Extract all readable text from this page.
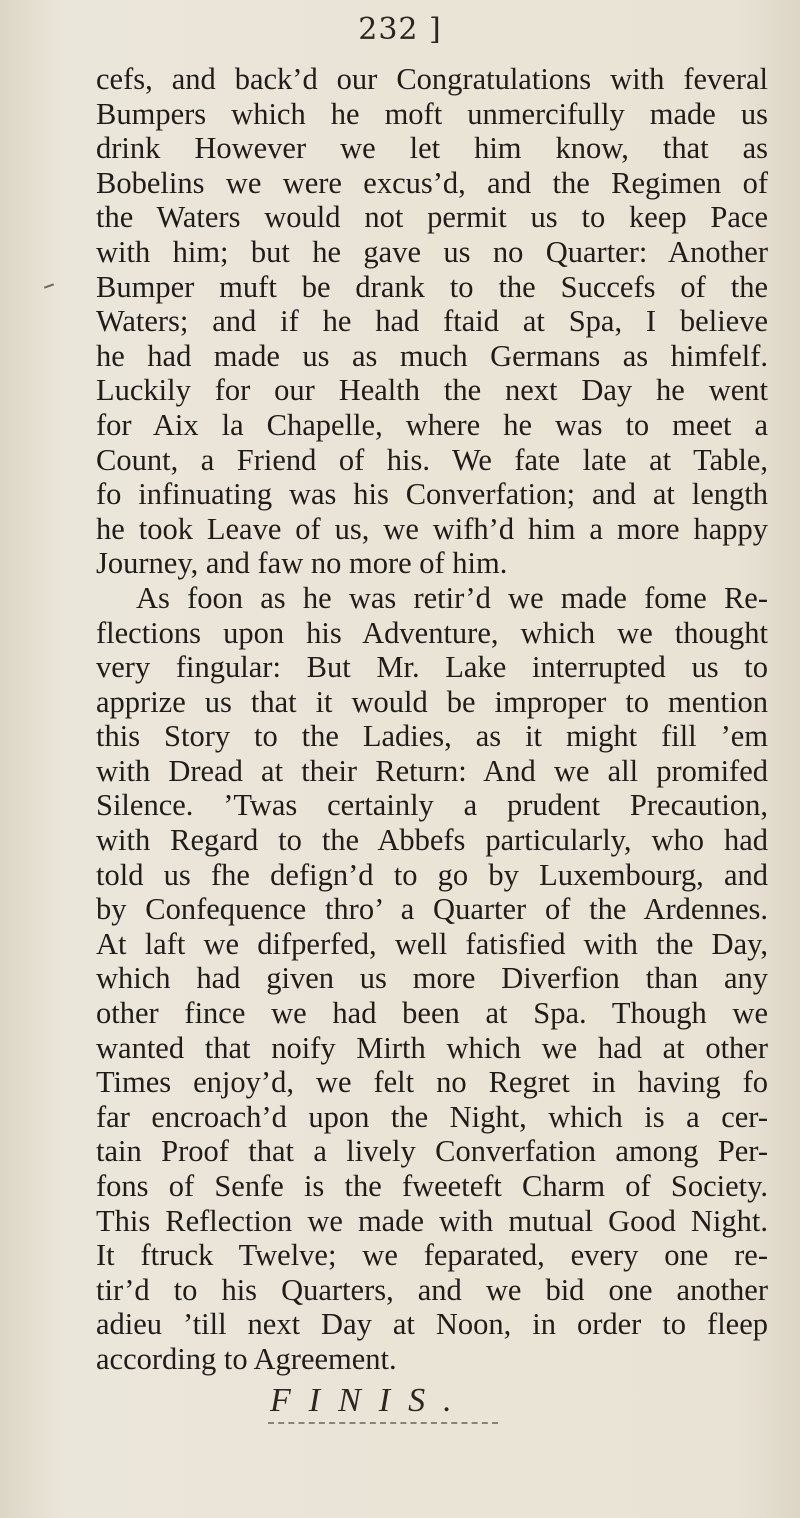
232 ]
cefs, and back’d our Congratulations with feveral
Bumpers which he moft unmercifully made us
drink However we let him know, that as
Bobelins we were excus’d, and the Regimen of
the Waters would not permit us to keep Pace
with him; but he gave us no Quarter: Another
Bumper muft be drank to the Succefs of the
Waters; and if he had ftaid at Spa, I believe
he had made us as much Germans as himfelf.
Luckily for our Health the next Day he went
for Aix la Chapelle, where he was to meet a
Count, a Friend of his. We fate late at Table,
fo infinuating was his Converfation; and at length
he took Leave of us, we wifh’d him a more happy
Journey, and faw no more of him.
As foon as he was retir’d we made fome Re-
flections upon his Adventure, which we thought
very fingular: But Mr. Lake interrupted us to
apprize us that it would be improper to mention
this Story to the Ladies, as it might fill ’em
with Dread at their Return: And we all promifed
Silence. ’Twas certainly a prudent Precaution,
with Regard to the Abbefs particularly, who had
told us fhe defign’d to go by Luxembourg, and
by Confequence thro’ a Quarter of the Ardennes.
At laft we difperfed, well fatisfied with the Day,
which had given us more Diverfion than any
other fince we had been at Spa. Though we
wanted that noify Mirth which we had at other
Times enjoy’d, we felt no Regret in having fo
far encroach’d upon the Night, which is a cer-
tain Proof that a lively Converfation among Per-
fons of Senfe is the fweeteft Charm of Society.
This Reflection we made with mutual Good Night.
It ftruck Twelve; we feparated, every one re-
tir’d to his Quarters, and we bid one another
adieu ’till next Day at Noon, in order to fleep
according to Agreement.
FINIS.
